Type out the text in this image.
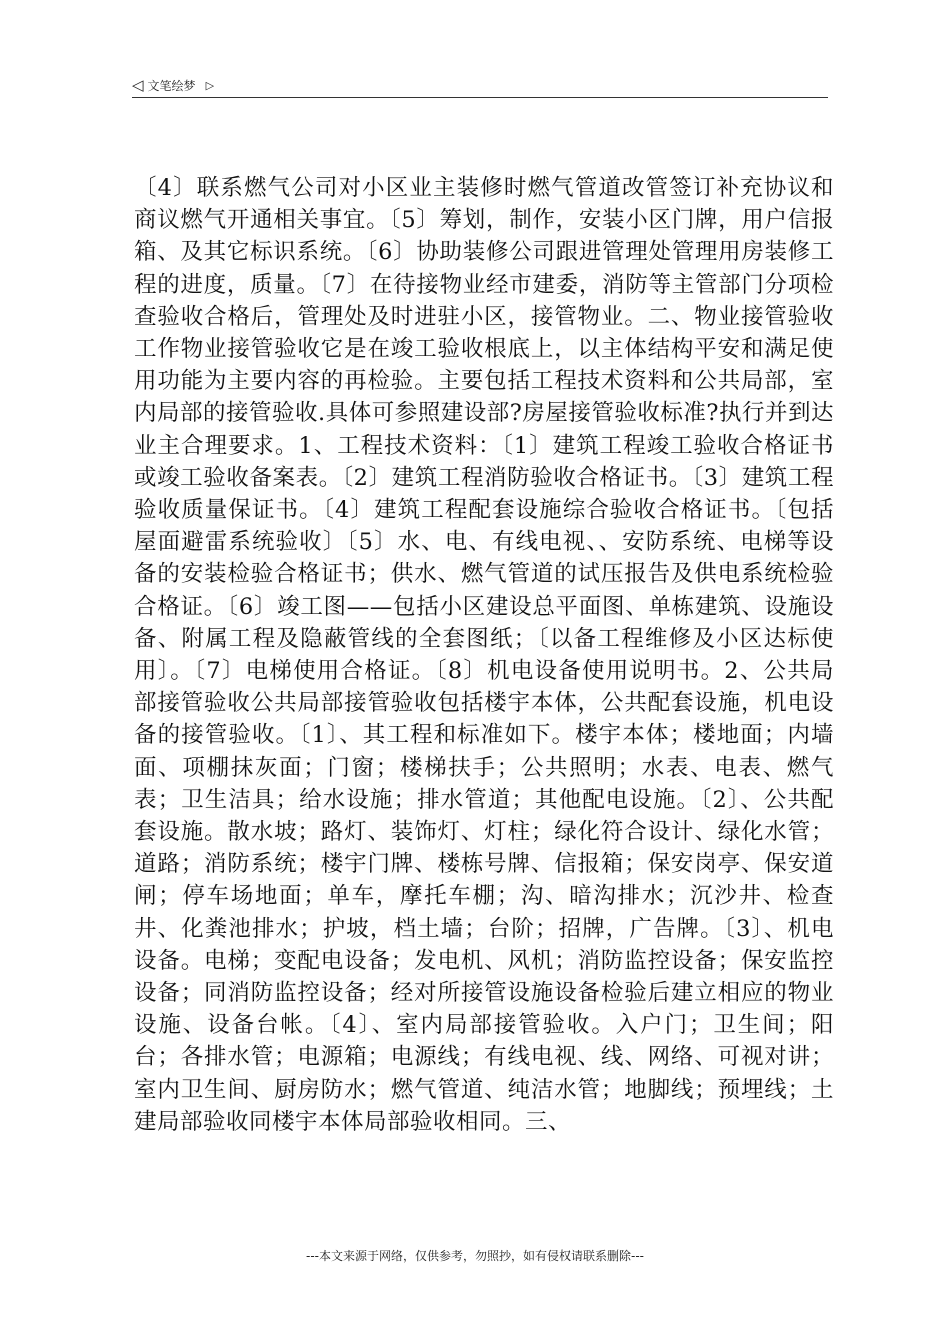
◁ 文笔绘梦 ▷

〔4〕联系燃气公司对小区业主装修时燃气管道改管签订补充协议和商议燃气开通相关事宜。〔5〕筹划，制作，安装小区门牌，用户信报箱、及其它标识系统。〔6〕协助装修公司跟进管理处管理用房装修工程的进度，质量。〔7〕在待接物业经市建委，消防等主管部门分项检查验收合格后，管理处及时进驻小区，接管物业。二、物业接管验收工作物业接管验收它是在竣工验收根底上，以主体结构平安和满足使用功能为主要内容的再检验。主要包括工程技术资料和公共局部，室内局部的接管验收.具体可参照建设部?房屋接管验收标准?执行并到达业主合理要求。1、工程技术资料：〔1〕建筑工程竣工验收合格证书或竣工验收备案表。〔2〕建筑工程消防验收合格证书。〔3〕建筑工程验收质量保证书。〔4〕建筑工程配套设施综合验收合格证书。〔包括屋面避雷系统验收〕〔5〕水、电、有线电视、、安防系统、电梯等设备的安装检验合格证书；供水、燃气管道的试压报告及供电系统检验合格证。〔6〕竣工图——包括小区建设总平面图、单栋建筑、设施设备、附属工程及隐蔽管线的全套图纸；〔以备工程维修及小区达标使用〕。〔7〕电梯使用合格证。〔8〕机电设备使用说明书。2、公共局部接管验收公共局部接管验收包括楼宇本体，公共配套设施，机电设备的接管验收。〔1〕、其工程和标准如下。楼宇本体；楼地面；内墙面、项棚抹灰面；门窗；楼梯扶手；公共照明；水表、电表、燃气表；卫生洁具；给水设施；排水管道；其他配电设施。〔2〕、公共配套设施。散水坡；路灯、装饰灯、灯柱；绿化符合设计、绿化水管；道路；消防系统；楼宇门牌、楼栋号牌、信报箱；保安岗亭、保安道闸；停车场地面；单车，摩托车棚；沟、暗沟排水；沉沙井、检查井、化粪池排水；护坡，档土墙；台阶；招牌，广告牌。〔3〕、机电设备。电梯；变配电设备；发电机、风机；消防监控设备；保安监控设备；同消防监控设备；经对所接管设施设备检验后建立相应的物业设施、设备台帐。〔4〕、室内局部接管验收。入户门；卫生间；阳台；各排水管；电源箱；电源线；有线电视、线、网络、可视对讲；室内卫生间、厨房防水；燃气管道、纯洁水管；地脚线；预埋线；土建局部验收同楼宇本体局部验收相同。三、

---本文来源于网络，仅供参考，勿照抄，如有侵权请联系删除---
